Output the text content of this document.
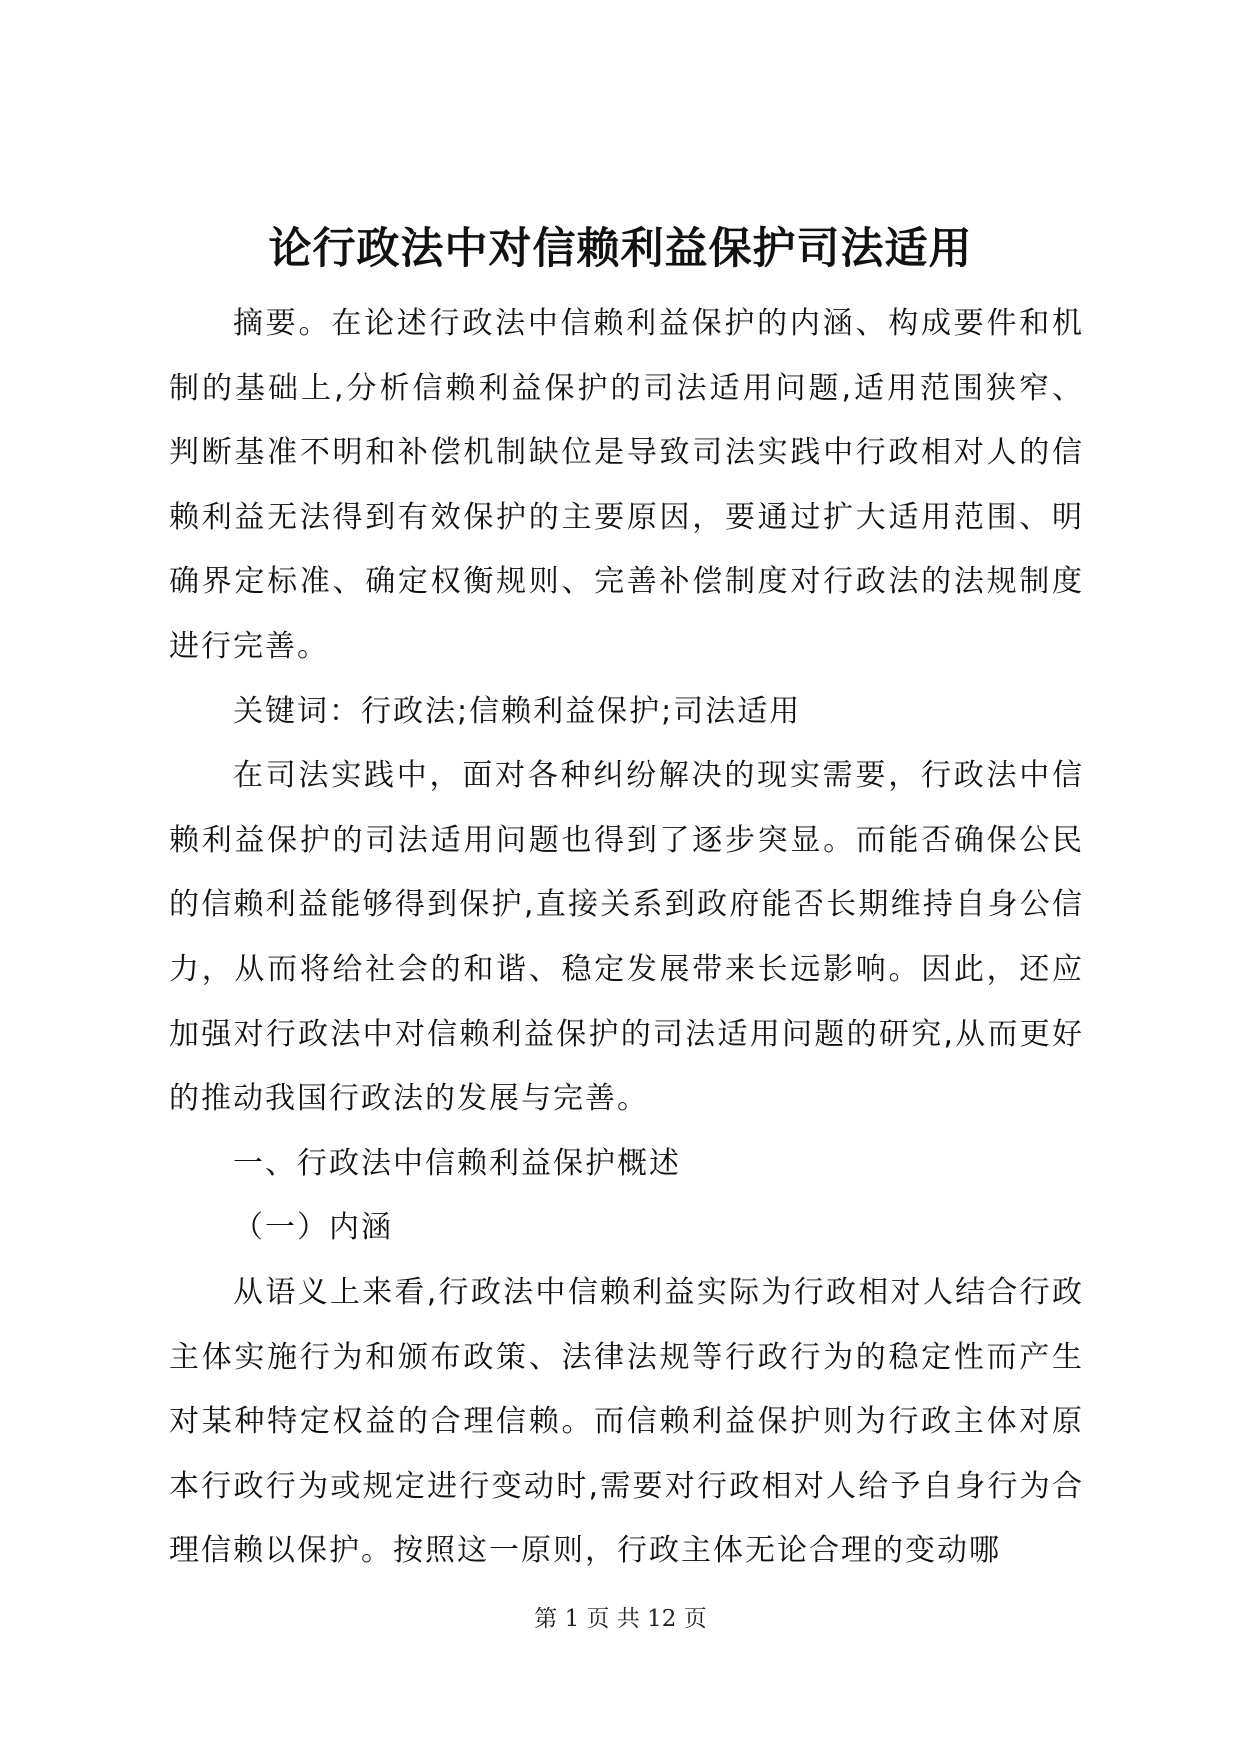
论行政法中对信赖利益保护司法适用

摘要。在论述行政法中信赖利益保护的内涵、构成要件和机制的基础上,分析信赖利益保护的司法适用问题,适用范围狭窄、判断基准不明和补偿机制缺位是导致司法实践中行政相对人的信赖利益无法得到有效保护的主要原因，要通过扩大适用范围、明确界定标准、确定权衡规则、完善补偿制度对行政法的法规制度进行完善。

关键词：行政法;信赖利益保护;司法适用

在司法实践中，面对各种纠纷解决的现实需要，行政法中信赖利益保护的司法适用问题也得到了逐步突显。而能否确保公民的信赖利益能够得到保护,直接关系到政府能否长期维持自身公信力，从而将给社会的和谐、稳定发展带来长远影响。因此，还应加强对行政法中对信赖利益保护的司法适用问题的研究,从而更好的推动我国行政法的发展与完善。

一、行政法中信赖利益保护概述

（一）内涵

从语义上来看,行政法中信赖利益实际为行政相对人结合行政主体实施行为和颁布政策、法律法规等行政行为的稳定性而产生对某种特定权益的合理信赖。而信赖利益保护则为行政主体对原本行政行为或规定进行变动时,需要对行政相对人给予自身行为合理信赖以保护。按照这一原则，行政主体无论合理的变动哪

第 1 页 共 12 页
